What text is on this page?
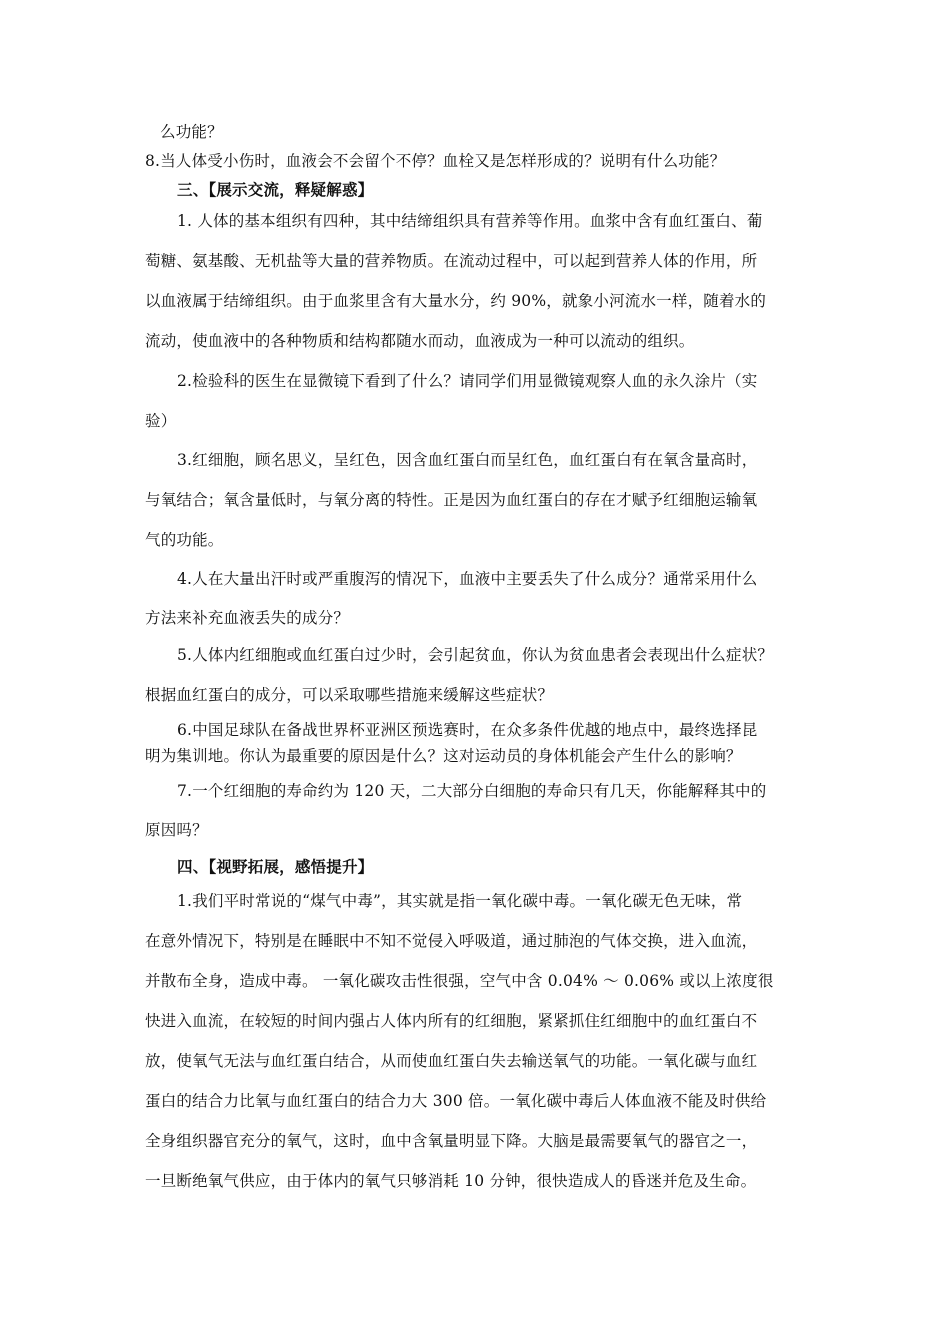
么功能？
8.当人体受小伤时，血液会不会留个不停？血栓又是怎样形成的？说明有什么功能？
三、【展示交流，释疑解惑】
1. 人体的基本组织有四种，其中结缔组织具有营养等作用。血浆中含有血红蛋白、葡
萄糖、氨基酸、无机盐等大量的营养物质。在流动过程中，可以起到营养人体的作用，所
以血液属于结缔组织。由于血浆里含有大量水分，约 90%，就象小河流水一样，随着水的
流动，使血液中的各种物质和结构都随水而动，血液成为一种可以流动的组织。
2.检验科的医生在显微镜下看到了什么？请同学们用显微镜观察人血的永久涂片（实
验）
3.红细胞，顾名思义，呈红色，因含血红蛋白而呈红色，血红蛋白有在氧含量高时，
与氧结合；氧含量低时，与氧分离的特性。正是因为血红蛋白的存在才赋予红细胞运输氧
气的功能。
4.人在大量出汗时或严重腹泻的情况下，血液中主要丢失了什么成分？通常采用什么
方法来补充血液丢失的成分？
5.人体内红细胞或血红蛋白过少时，会引起贫血，你认为贫血患者会表现出什么症状？
根据血红蛋白的成分，可以采取哪些措施来缓解这些症状？
6.中国足球队在备战世界杯亚洲区预选赛时，在众多条件优越的地点中，最终选择昆
明为集训地。你认为最重要的原因是什么？这对运动员的身体机能会产生什么的影响？
7.一个红细胞的寿命约为 120 天，二大部分白细胞的寿命只有几天，你能解释其中的
原因吗？
四、【视野拓展，感悟提升】
1.我们平时常说的“煤气中毒”，其实就是指一氧化碳中毒。一氧化碳无色无味，常
在意外情况下，特别是在睡眠中不知不觉侵入呼吸道，通过肺泡的气体交换，进入血流，
并散布全身，造成中毒。 一氧化碳攻击性很强，空气中含 0.04% ～ 0.06% 或以上浓度很
快进入血流，在较短的时间内强占人体内所有的红细胞，紧紧抓住红细胞中的血红蛋白不
放，使氧气无法与血红蛋白结合，从而使血红蛋白失去输送氧气的功能。一氧化碳与血红
蛋白的结合力比氧与血红蛋白的结合力大 300 倍。一氧化碳中毒后人体血液不能及时供给
全身组织器官充分的氧气，这时，血中含氧量明显下降。大脑是最需要氧气的器官之一，
一旦断绝氧气供应，由于体内的氧气只够消耗 10 分钟，很快造成人的昏迷并危及生命。
